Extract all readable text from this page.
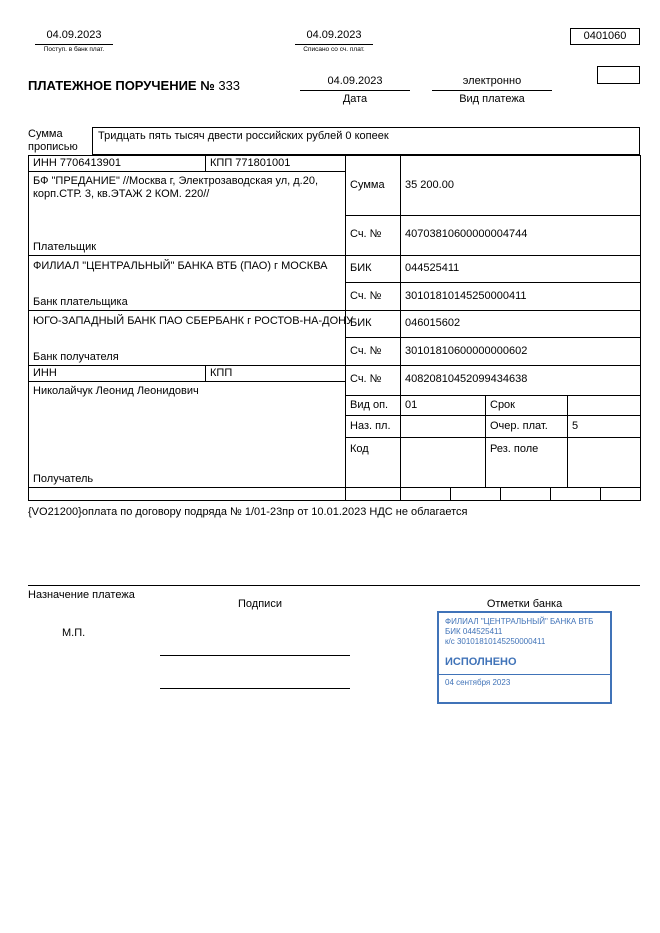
04.09.2023
Поступ. в банк плат.
04.09.2023
Списано со сч. плат.
0401060
ПЛАТЕЖНОЕ ПОРУЧЕНИЕ № 333	04.09.2023
Дата
электронно
Вид платежа
Сумма прописью
Тридцать пять тысяч двести российских рублей 0 копеек
ИНН 7706413901	КПП 771801001
БФ "ПРЕДАНИЕ" //Москва г, Электрозаводская ул, д.20, корп.СТР. 3, кв.ЭТАЖ 2 КОМ. 220//
Плательщик
Сумма 35 200.00
Сч. № 40703810600000004744
ФИЛИАЛ "ЦЕНТРАЛЬНЫЙ" БАНКА ВТБ (ПАО) г МОСКВА
Банк плательщика
БИК	044525411
Сч. № 30101810145250000411
ЮГО-ЗАПАДНЫЙ БАНК ПАО СБЕРБАНК г РОСТОВ-НА-ДОНУ
Банк получателя
БИК	046015602
Сч. № 30101810600000000602
ИНН	КПП
Николайчук Леонид Леонидович
Получатель
Сч. № 40820810452099434638
Вид оп. 01	Срок
Наз. пл.	Очер. плат. 5
Код	Рез. поле
{VO21200}оплата по договору подряда № 1/01-23пр от 10.01.2023 НДС не облагается
Назначение платежа
Подписи	Отметки банка
М.П.
ФИЛИАЛ "ЦЕНТРАЛЬНЫЙ" БАНКА ВТБ
БИК 044525411
к/с 30101810145250000411
ИСПОЛНЕНО
04 сентября 2023
